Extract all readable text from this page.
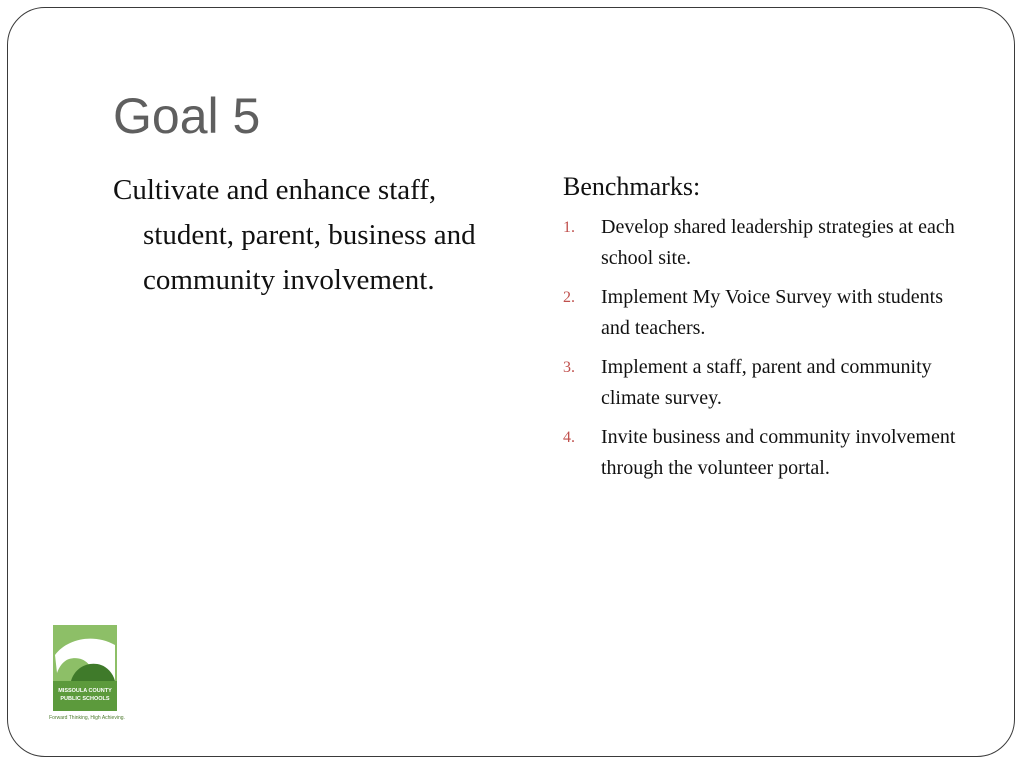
Goal 5
Cultivate and enhance staff, student, parent, business and community involvement.
Benchmarks:
1. Develop shared leadership strategies at each school site.
2. Implement My Voice Survey with students and teachers.
3. Implement a staff, parent and community climate survey.
4. Invite business and community involvement through the volunteer portal.
MISSOULA COUNTY
PUBLIC SCHOOLS
Forward Thinking, High Achieving.
